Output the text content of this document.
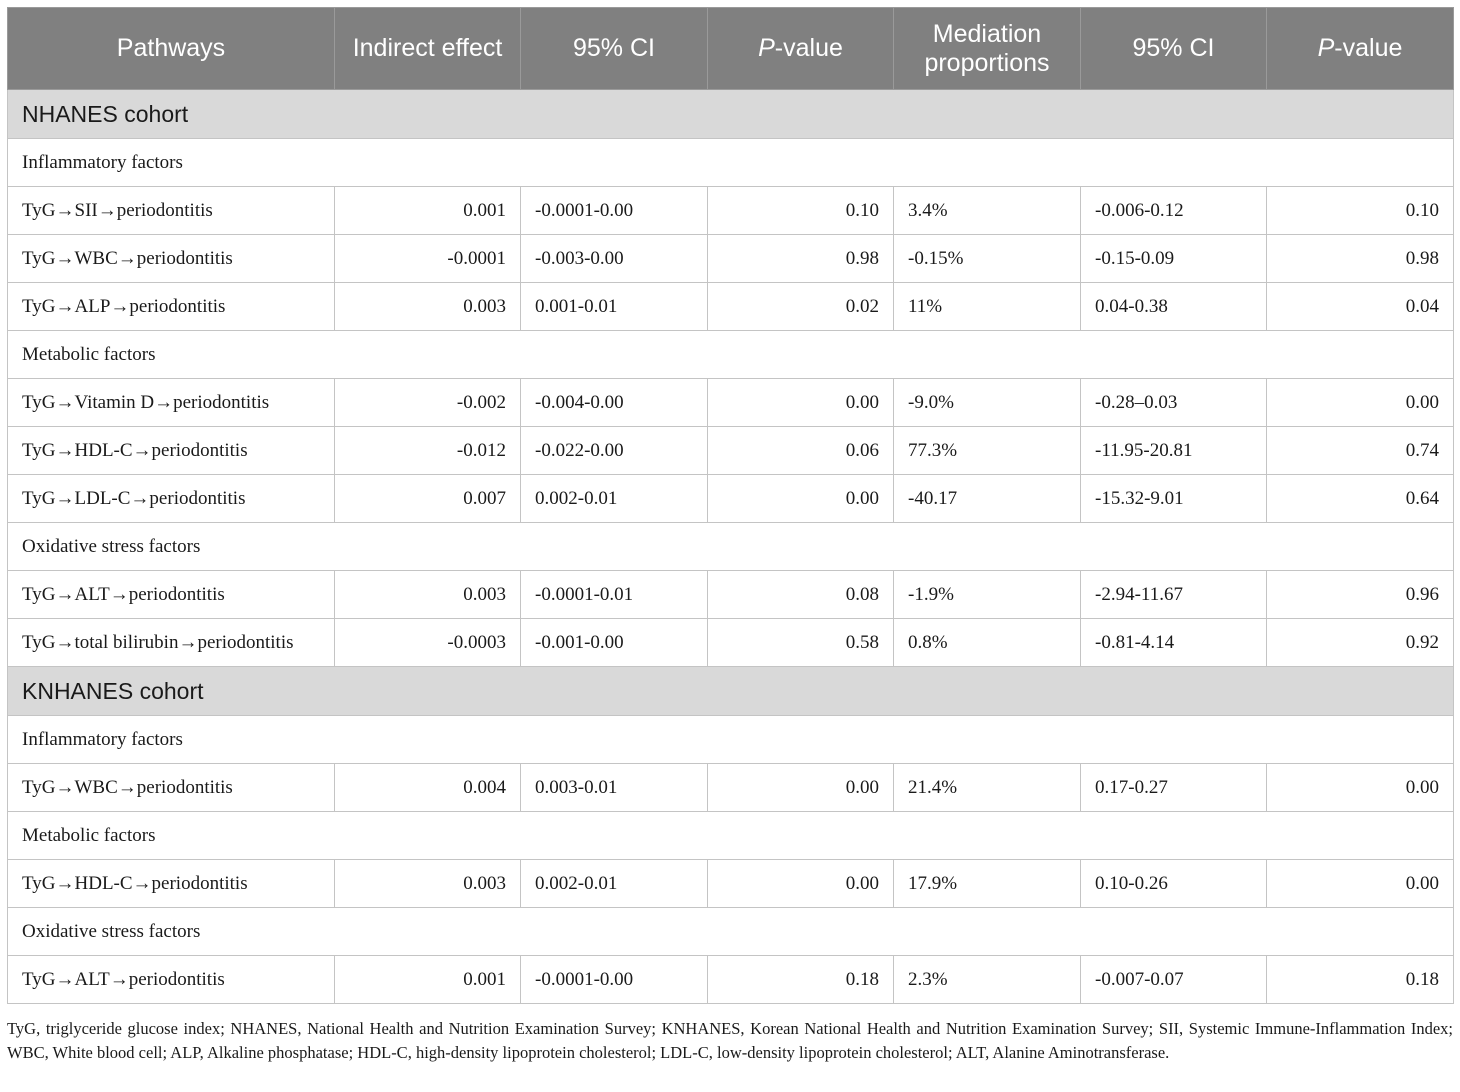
Pathways	Indirect effect	95% CI	P-value	Mediation proportions	95% CI	P-value
NHANES cohort						
Inflammatory factors						
TyG→SII→periodontitis	0.001	-0.0001-0.00	0.10	3.4%	-0.006-0.12	0.10
TyG→WBC→periodontitis	-0.0001	-0.003-0.00	0.98	-0.15%	-0.15-0.09	0.98
TyG→ALP→periodontitis	0.003	0.001-0.01	0.02	11%	0.04-0.38	0.04
Metabolic factors						
TyG→Vitamin D→periodontitis	-0.002	-0.004-0.00	0.00	-9.0%	-0.28–0.03	0.00
TyG→HDL-C→periodontitis	-0.012	-0.022-0.00	0.06	77.3%	-11.95-20.81	0.74
TyG→LDL-C→periodontitis	0.007	0.002-0.01	0.00	-40.17	-15.32-9.01	0.64
Oxidative stress factors						
TyG→ALT→periodontitis	0.003	-0.0001-0.01	0.08	-1.9%	-2.94-11.67	0.96
TyG→total bilirubin→periodontitis	-0.0003	-0.001-0.00	0.58	0.8%	-0.81-4.14	0.92
KNHANES cohort						
Inflammatory factors						
TyG→WBC→periodontitis	0.004	0.003-0.01	0.00	21.4%	0.17-0.27	0.00
Metabolic factors						
TyG→HDL-C→periodontitis	0.003	0.002-0.01	0.00	17.9%	0.10-0.26	0.00
Oxidative stress factors						
TyG→ALT→periodontitis	0.001	-0.0001-0.00	0.18	2.3%	-0.007-0.07	0.18
TyG, triglyceride glucose index; NHANES, National Health and Nutrition Examination Survey; KNHANES, Korean National Health and Nutrition Examination Survey; SII, Systemic Immune-Inflammation Index; WBC, White blood cell; ALP, Alkaline phosphatase; HDL-C, high-density lipoprotein cholesterol; LDL-C, low-density lipoprotein cholesterol; ALT, Alanine Aminotransferase.
